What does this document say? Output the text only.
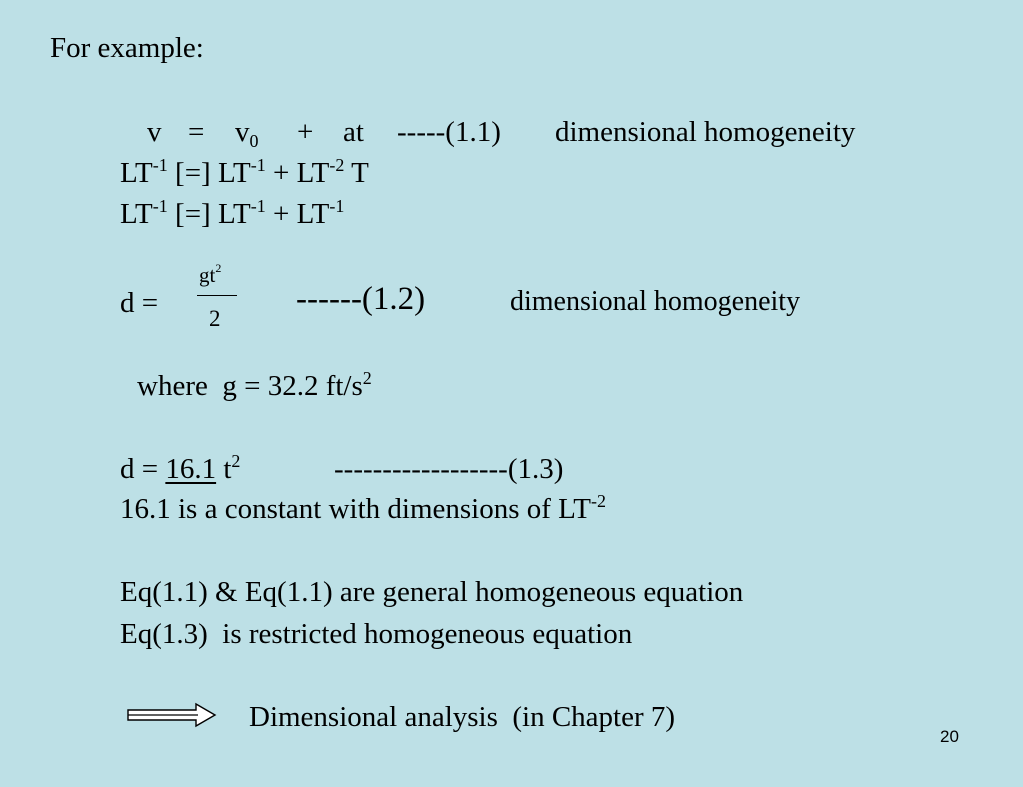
For example:
$v = v_0$ + at -----(1.1) dimensional homogeneity
$LT^{-1}$ [=] $LT^{-1} + LT^{-2}$ T
$LT^{-1}$ [=] $LT^{-1} + LT^{-1}$
d =
$gt^2$
2
------(1.2)	dimensional homogeneity
where  g = 32.2 $ft/s^2$
d = 16.1 $t^2$	------------------(1.3)
16.1 is a constant with dimensions of $LT^{-2}$
Eq(1.1) & Eq(1.1) are general homogeneous equation
Eq(1.3)  is restricted homogeneous equation
Dimensional analysis  (in Chapter 7)
20
